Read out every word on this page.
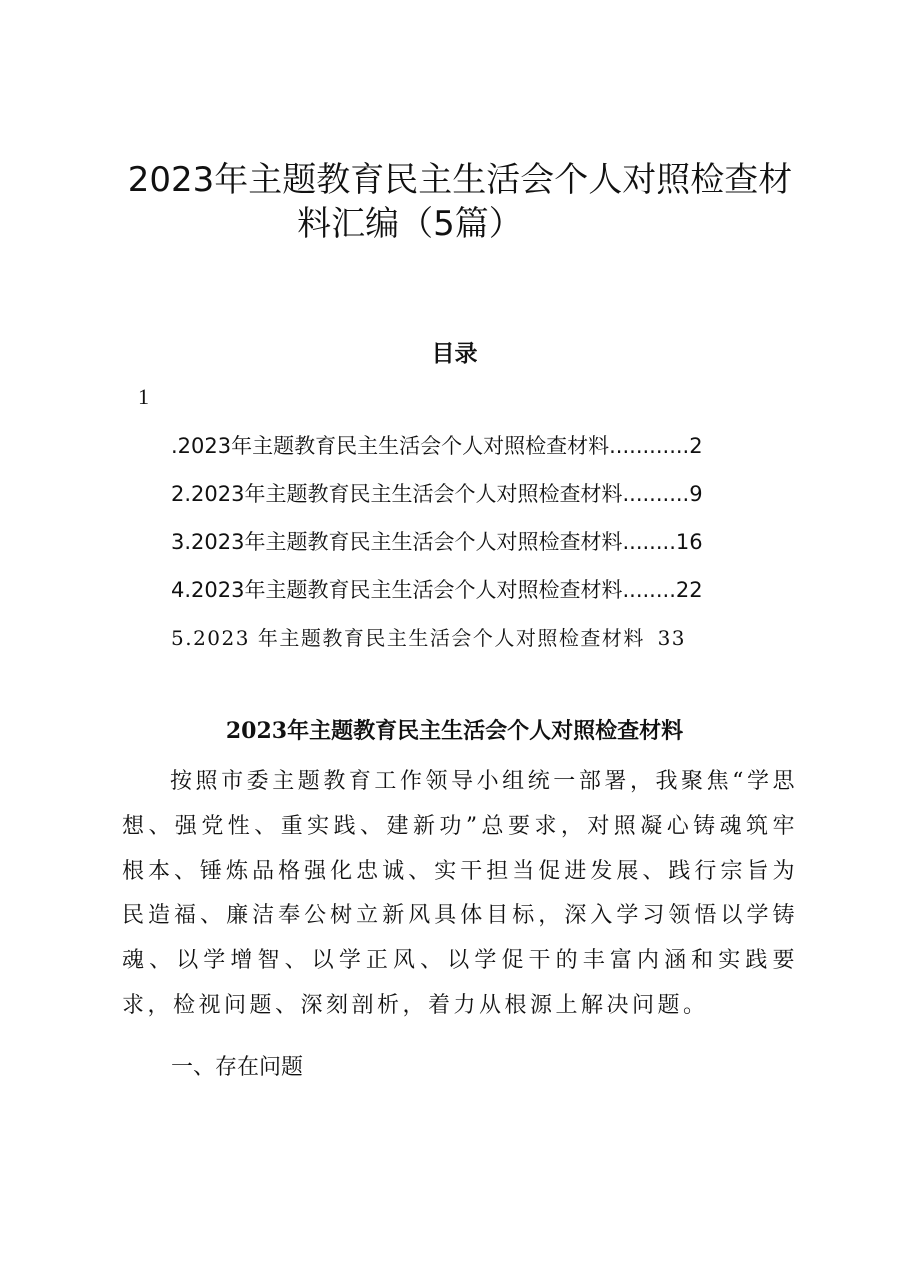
2023年主题教育民主生活会个人对照检查材
料汇编（5篇）
目录
1
.2023年主题教育民主生活会个人对照检查材料............2
2.2023年主题教育民主生活会个人对照检查材料..........9
3.2023年主题教育民主生活会个人对照检查材料........16
4.2023年主题教育民主生活会个人对照检查材料........22
5.2023 年主题教育民主生活会个人对照检查材料 33
2023年主题教育民主生活会个人对照检查材料

按照市委主题教育工作领导小组统一部署，我聚焦“学思想、强党性、重实践、建新功”总要求，对照凝心铸魂筑牢根本、锤炼品格强化忠诚、实干担当促进发展、践行宗旨为民造福、廉洁奉公树立新风具体目标，深入学习领悟以学铸魂、以学增智、以学正风、以学促干的丰富内涵和实践要求，检视问题、深刻剖析，着力从根源上解决问题。

一、存在问题
